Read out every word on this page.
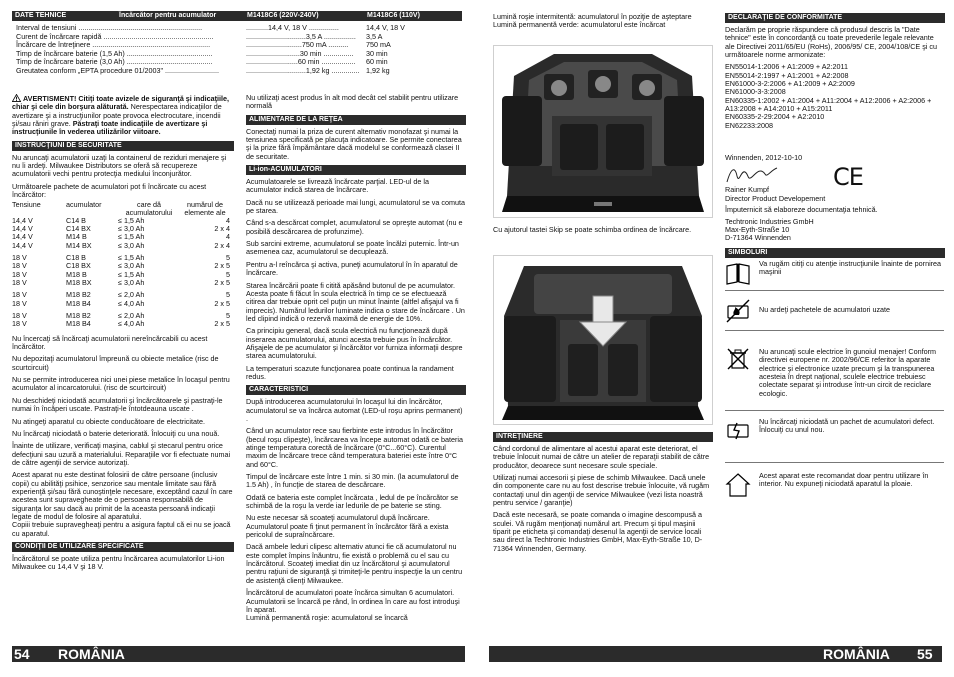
DATE TEHNICE	Încărcător pentru acumulator	M1418C6 (220V-240V)	M1418C6 (110V)
Interval de tensiuni ..............................................................	...........14,4 V, 18 V ...............	14,4 V, 18 V
Curent de încărcare rapidă .......................................................	..............................3,5 A ................ 3,5 A
Încărcare de întreţinere ...........................................................	............................750 mA .......... 750 mA
Timp de încărcare baterie (1,5 Ah) ...........................................	...........................30 min ............... 30 min
Timp de încărcare baterie (3,0 Ah) ...........................................	..........................60 min ................. 60 min
Greutatea conform „EPTA procedure 01/2003" ...........................	..............................1,92 kg .............. 1,92 kg

AVERTISMENT! Citiţi toate avizele de siguranţă şi indicaţiile, chiar şi cele din borşura alăturată. Nerespectarea indicaţiilor de avertizare şi a instrucţiunilor poate provoca electrocutare, incendii şi/sau răniri grave. Păstraţi toate indicaţiile de avertizare şi instrucţiunile în vederea utilizărilor viitoare.

INSTRUCŢIUNI DE SECURITATE

Nu aruncaţi acumulatorii uzaţi la containerul de reziduri menajere şi nu îi ardeţi. Milwaukee Distributors se oferă să recupereze acumulatorii vechi pentru protecţia mediului înconjurător.

Următoarele pachete de acumulatori pot fi încărcate cu acest încărcător:

Tensiune	acumulator	care dă acumulatorului	numărul de elemente ale
14,4 V	C14 B	≤ 1,5 Ah	4
14,4 V	C14 BX	≤ 3,0 Ah	2 x 4
14,4 V	M14 B	≤ 1,5 Ah	4
14,4 V	M14 BX	≤ 3,0 Ah	2 x 4

18 V	C18 B	≤ 1,5 Ah	5
18 V	C18 BX	≤ 3,0 Ah	2 x 5
18 V	M18 B	≤ 1,5 Ah	5
18 V	M18 BX	≤ 3,0 Ah	2 x 5

18 V	M18 B2	≤ 2,0 Ah	5
18 V	M18 B4	≤ 4,0 Ah	2 x 5

18 V	M18 B2	≤ 2,0 Ah	5
18 V	M18 B4	≤ 4,0 Ah	2 x 5

Nu încercaţi să încărcaţi acumulatorii nereîncărcabili cu acest încărcător.

Nu depozitaţi acumulatorul împreună cu obiecte metalice (risc de scurtcircuit)

Nu se permite introducerea nici unei piese metalice în locaşul pentru acumulator al incarcatorului. (risc de scurtcircuit)

Nu deschideţi niciodată acumulatorii şi încărcătoarele şi pastraţi-le numai în încăperi uscate. Pastraţi-le întotdeauna uscate .

Nu atingeţi aparatul cu obiecte conducătoare de electricitate.

Nu încărcaţi niciodată o baterie deteriorată. Înlocuiţi cu una nouă.

Înainte de utilizare, verificaţi maşina, cablul şi stecarul pentru orice defecţiuni sau uzură a materialului. Reparaţiile vor fi efectuate numai de către agenţii de service autorizaţi.

Acest aparat nu este destinat folosirii de către persoane (inclusiv copii) cu abilităţi psihice, senzorice sau mentale limitate sau fără experienţă şi/sau fără cunoştinţele necesare, exceptând cazul în care acestea sunt supravegheate de o persoana responsabilă de siguranţa lor sau dacă au primit de la aceasta persoană indicaţii legate de modul de folosire al aparatului.

Copiii trebuie supravegheaţi pentru a asigura faptul că ei nu se joacă cu aparatul.

CONDIŢII DE UTILIZARE SPECIFICATE

Încărcătorul se poate utiliza pentru încărcarea acumulatorilor Li-ion Milwaukee cu 14,4 V şi 18 V.

Nu utilizaţi acest produs în alt mod decât cel stabilit pentru utilizare normală

ALIMENTARE DE LA REŢEA

Conectaţi numai la priza de curent alternativ monofazat şi numai la tensiunea specificată pe placuţa indicatoare. Se permite conectarea şi la prize fără împământare dacă modelul se conformează clasei II de securitate.

Li-ion-ACUMULATORI

Acumulatoarele se livrează încărcate parţial. LED-ul de la acumulator indică starea de încărcare.

Dacă nu se utilizează perioade mai lungi, acumulatorul se va comuta pe starea.

Când s-a descărcat complet, acumulatorul se opreşte automat (nu e posibilă descărcarea de profunzime).

Sub sarcini extreme, acumulatorul se poate încălzi puternic. Într-un asemenea caz, acumulatorul se decuplează.

Pentru a-l reîncărca şi activa, puneţi acumulatorul în în aparatul de încărcare.

Starea încărcării poate fi citită apăsând butonul de pe acumulator. Acesta poate fi făcut în scula electrică în timp ce se efectuează citirea dar trebuie oprit cel puţin un minut înainte (altfel afişajul va fi imprecis). Numărul ledurilor luminate indica o stare de încărcare . Un led clipind indică o rezervă maximă de energie de 10%.

Ca principiu general, dacă scula electrică nu funcţionează după inserarea acumulatorului, atunci acesta trebuie pus în încărcător. Afişajele de pe acumulator şi încărcător vor furniza informaţii despre starea acumulatorului.

La temperaturi scazute funcţionarea poate continua la randament redus.

CARACTERISTICI

După introducerea acumulatorului în locaşul lui din încărcător, acumulatorul se va încărca automat (LED-ul roşu aprins permanent) .

Când un acumulator rece sau fierbinte este introdus în încărcător (becul roşu clipeşte), încărcarea va începe automat odată ce bateria atinge temperatura corectă de încărcare (0°C...60°C). Curentul maxim de încărcare trece când temperatura bateriei este între 0°C and 60°C.

Timpul de încărcare este între 1 min. si 30 min. (la acumulatorul de 1.5 Ah) , în funcţie de starea de descărcare.

Odată ce bateria este complet încărcata , ledul de pe încărcător se schimbă de la roşu la verde iar ledurile de pe baterie se sting.

Nu este necesar să scoateţi acumulatorul după încărcare. Acumulatorul poate fi ţinut permanent în încărcător fără a exista pericolul de supraîncărcare.

Dacă ambele leduri clipesc alternativ atunci fie că acumulatorul nu este complet împins înăuntru, fie există o problemă cu el sau cu încărcătorul. Scoateţi imediat din uz încărcătorul şi acumulatorul pentru raţiuni de siguranţă şi trimiteţi-le pentru inspecţie la un centru de asistenţă clienţi Milwaukee.

Încărcătorul de acumulatori poate încărca simultan 6 acumulatori. Acumulatorii se încarcă pe rând, în ordinea în care au fost introduşi în aparat.

Lumină permanentă roşie: acumulatorul se încarcă

54 ROMÂNIA

Lumină roşie intermitentă: acumulatorul în poziţie de aşteptare

Lumină permanentă verde: acumulatorul este încărcat

Cu ajutorul tastei Skip se poate schimba ordinea de încărcare.

INTREŢINERE

Când cordonul de alimentare al acestui aparat este deteriorat, el trebuie înlocuit numai de către un atelier de reparaţii stabilit de către producător, deoarece sunt necesare scule speciale.

Utilizaţi numai accesorii şi piese de schimb Milwaukee. Dacă unele din componente care nu au fost descrise trebuie înlocuite, vă rugăm contactaţi unul din agenţii de service Milwaukee (vezi lista noastră pentru service / garanţie)

Dacă este necesară, se poate comanda o imagine descompusă a sculei. Vă rugăm menţionaţi numărul art. Precum şi tipul maşinii tiparit pe eticheta şi comandaţi desenul la agenţii de service locali sau direct la Techtronic Industries GmbH, Max-Eyth-Straße 10, D-71364 Winnenden, Germany.

DECLARAŢIE DE CONFORMITATE

Declarăm pe proprie răspundere că produsul descris la "Date tehnice" este în concordanţă cu toate prevederile legale relevante ale Directivei 2011/65/EU (RoHs), 2006/95/ CE, 2004/108/CE şi cu următoarele norme armonizate:

EN55014-1:2006 + A1:2009 + A2:2011
EN55014-2:1997 + A1:2001 + A2:2008
EN61000-3-2:2006 + A1:2009 + A2:2009
EN61000-3-3:2008
EN60335-1:2002 + A1:2004 + A11:2004 + A12:2006 + A2:2006 + A13:2008 + A14:2010 + A15:2011
EN60335-2-29:2004 + A2:2010
EN62233:2008

Winnenden, 2012-10-10

Rainer Kumpf
Director Product Developement
CE
Împuternicit să elaboreze documentaţia tehnică.
Techtronic Industries GmbH
Max-Eyth-Straße 10
D-71364 Winnenden
SIMBOLURI
Va rugăm citiţi cu atenţie instrucţiunile înainte de pornirea maşinii
Nu ardeţi pachetele de acumulatori uzate
Nu aruncaţi scule electrice în gunoiul menajer! Conform directivei europene nr. 2002/96/CE referitor la aparate electrice şi electronice uzate precum şi la transpunerea acesteia în drept naţional, sculele electrice trebuiesc colectate separat şi introduse într-un circit de reciclare ecologic.
Nu încărcaţi niciodată un pachet de acumulatori defect. Înlocuiţi cu unul nou.
Acest aparat este recomandat doar pentru utilizare în interior. Nu expuneţi niciodată aparatul la ploaie.
ROMÂNIA 55
